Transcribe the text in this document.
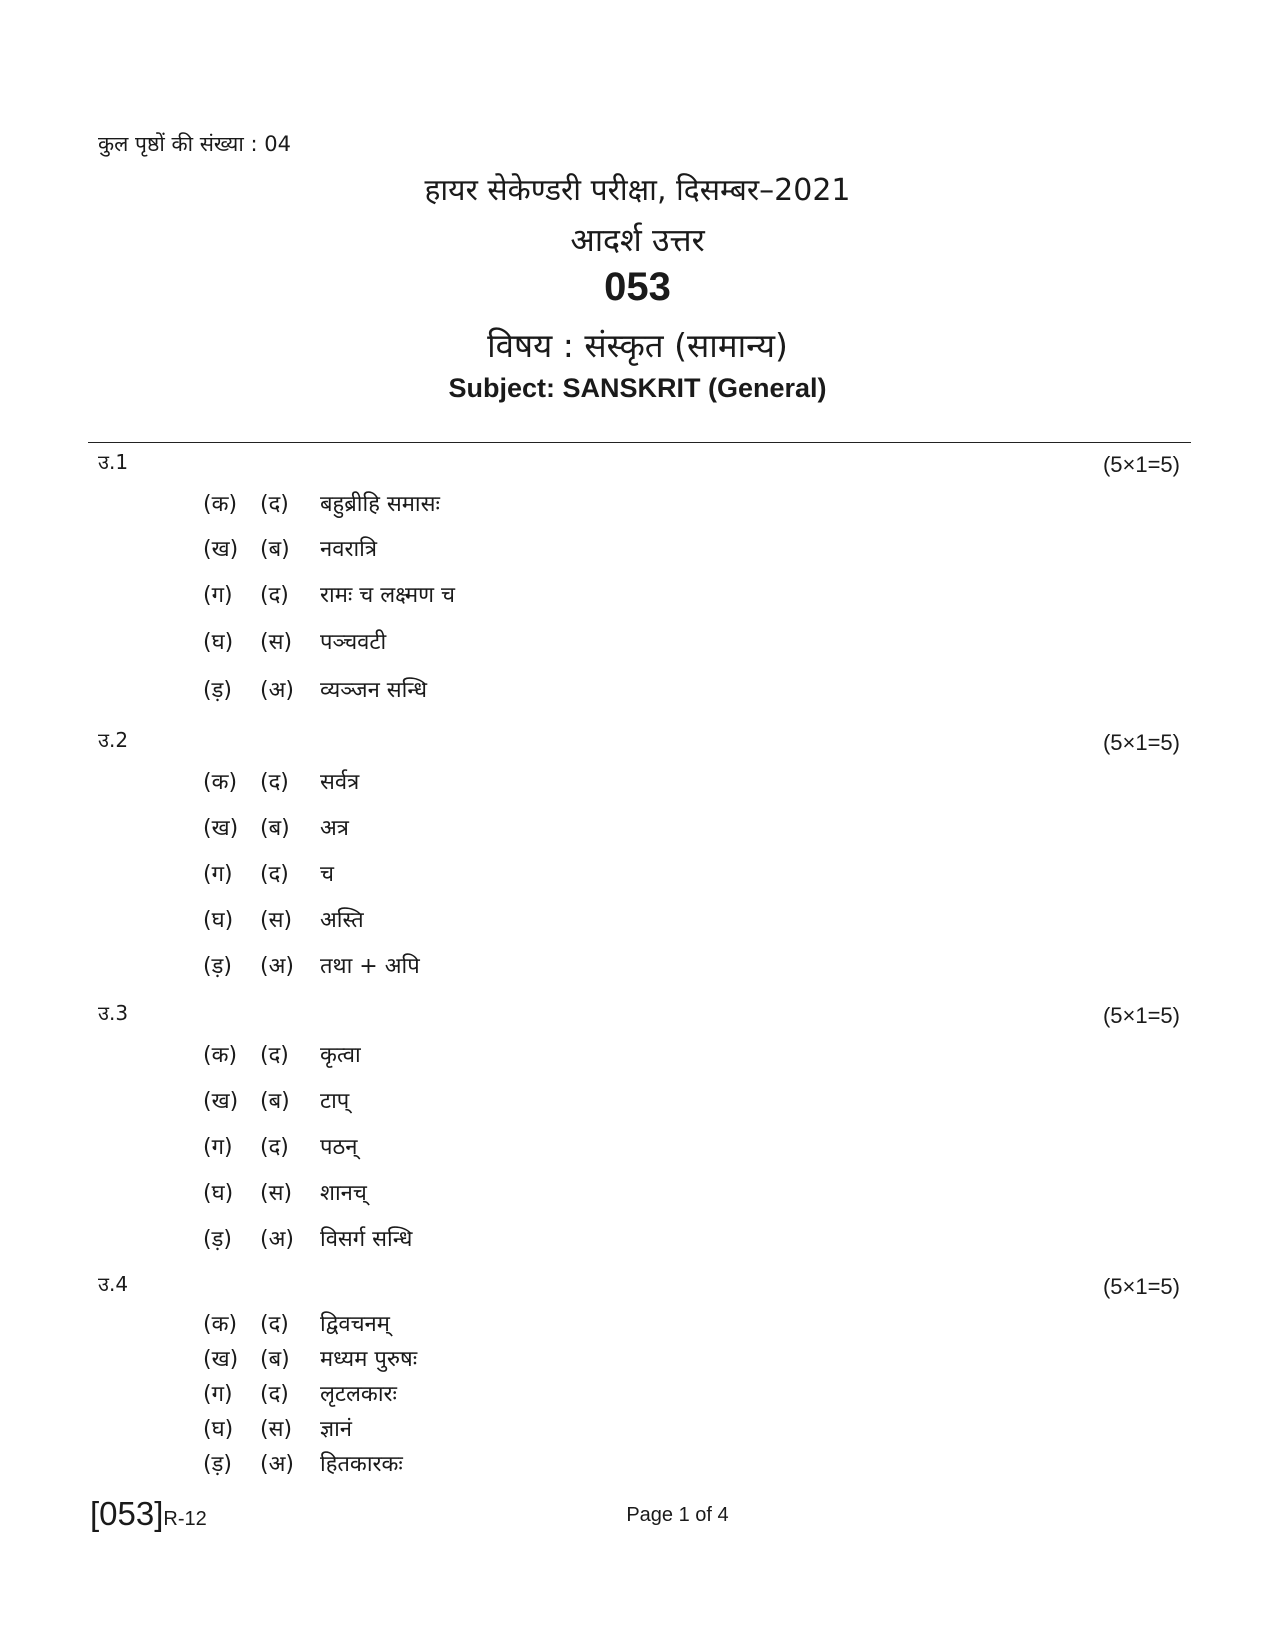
कुल पृष्ठों की संख्या : 04
हायर सेकेण्डरी परीक्षा, दिसम्बर–2021
आदर्श उत्तर
053
विषय : संस्कृत (सामान्य)
Subject: SANSKRIT (General)
उ.1	(5×1=5)
(क)	(द)	बहुब्रीहि समासः
(ख) (ब)	नवरात्रि
(ग)	(द)	रामः च लक्ष्मण च
(घ)	(स)	पञ्चवटी
(ड़)	(अ)	व्यञ्जन सन्धि
उ.2	(5×1=5)
(क)	(द)	सर्वत्र
(ख) (ब)	अत्र
(ग)	(द)	च
(घ)	(स)	अस्ति
(ड़)	(अ)	तथा + अपि
उ.3	(5×1=5)
(क)	(द)	कृत्वा
(ख) (ब)	टाप्
(ग)	(द)	पठन्
(घ)	(स)	शानच्
(ड़)	(अ)	विसर्ग सन्धि
उ.4	(5×1=5)
(क)	(द)	द्विवचनम्
(ख) (ब)	मध्यम पुरुषः
(ग)	(द)	लृटलकारः
(घ)	(स)	ज्ञानं
(ड़)	(अ)	हितकारकः
[053]R-12	Page 1 of 4
